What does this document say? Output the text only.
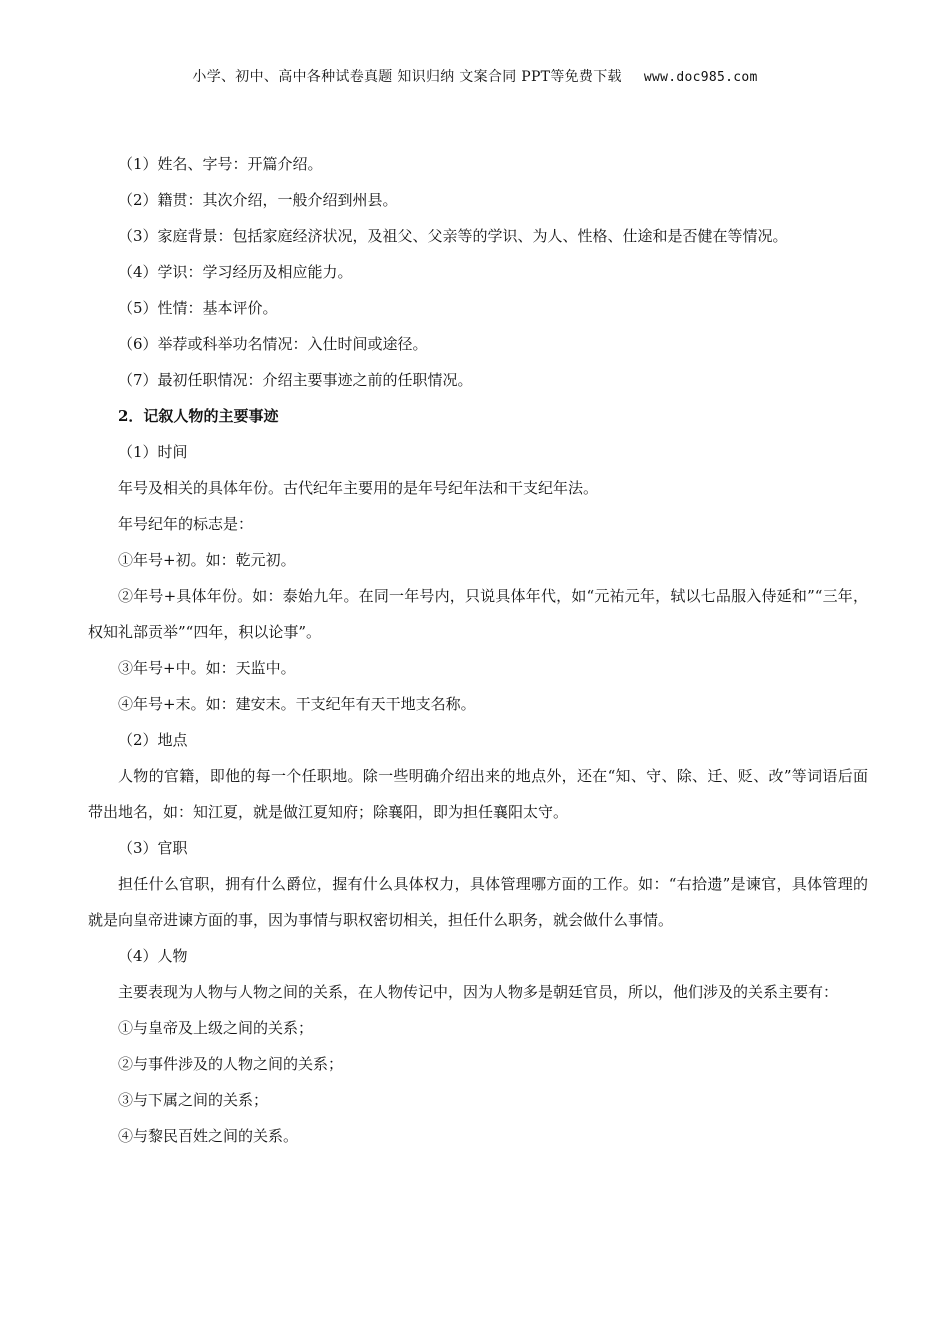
小学、初中、高中各种试卷真题 知识归纳 文案合同 PPT等免费下载 www.doc985.com
（1）姓名、字号：开篇介绍。
（2）籍贯：其次介绍，一般介绍到州县。
（3）家庭背景：包括家庭经济状况，及祖父、父亲等的学识、为人、性格、仕途和是否健在等情况。
（4）学识：学习经历及相应能力。
（5）性情：基本评价。
（6）举荐或科举功名情况：入仕时间或途径。
（7）最初任职情况：介绍主要事迹之前的任职情况。
2．记叙人物的主要事迹
（1）时间
年号及相关的具体年份。古代纪年主要用的是年号纪年法和干支纪年法。
年号纪年的标志是：
①年号+初。如：乾元初。
②年号+具体年份。如：泰始九年。在同一年号内，只说具体年代，如“元祐元年，轼以七品服入侍延和”“三年，权知礼部贡举”“四年，积以论事”。
③年号+中。如：天监中。
④年号+末。如：建安末。干支纪年有天干地支名称。
（2）地点
人物的官籍，即他的每一个任职地。除一些明确介绍出来的地点外，还在“知、守、除、迁、贬、改”等词语后面带出地名，如：知江夏，就是做江夏知府；除襄阳，即为担任襄阳太守。
（3）官职
担任什么官职，拥有什么爵位，握有什么具体权力，具体管理哪方面的工作。如：“右拾遗”是谏官，具体管理的就是向皇帝进谏方面的事，因为事情与职权密切相关，担任什么职务，就会做什么事情。
（4）人物
主要表现为人物与人物之间的关系，在人物传记中，因为人物多是朝廷官员，所以，他们涉及的关系主要有：
①与皇帝及上级之间的关系；
②与事件涉及的人物之间的关系；
③与下属之间的关系；
④与黎民百姓之间的关系。
